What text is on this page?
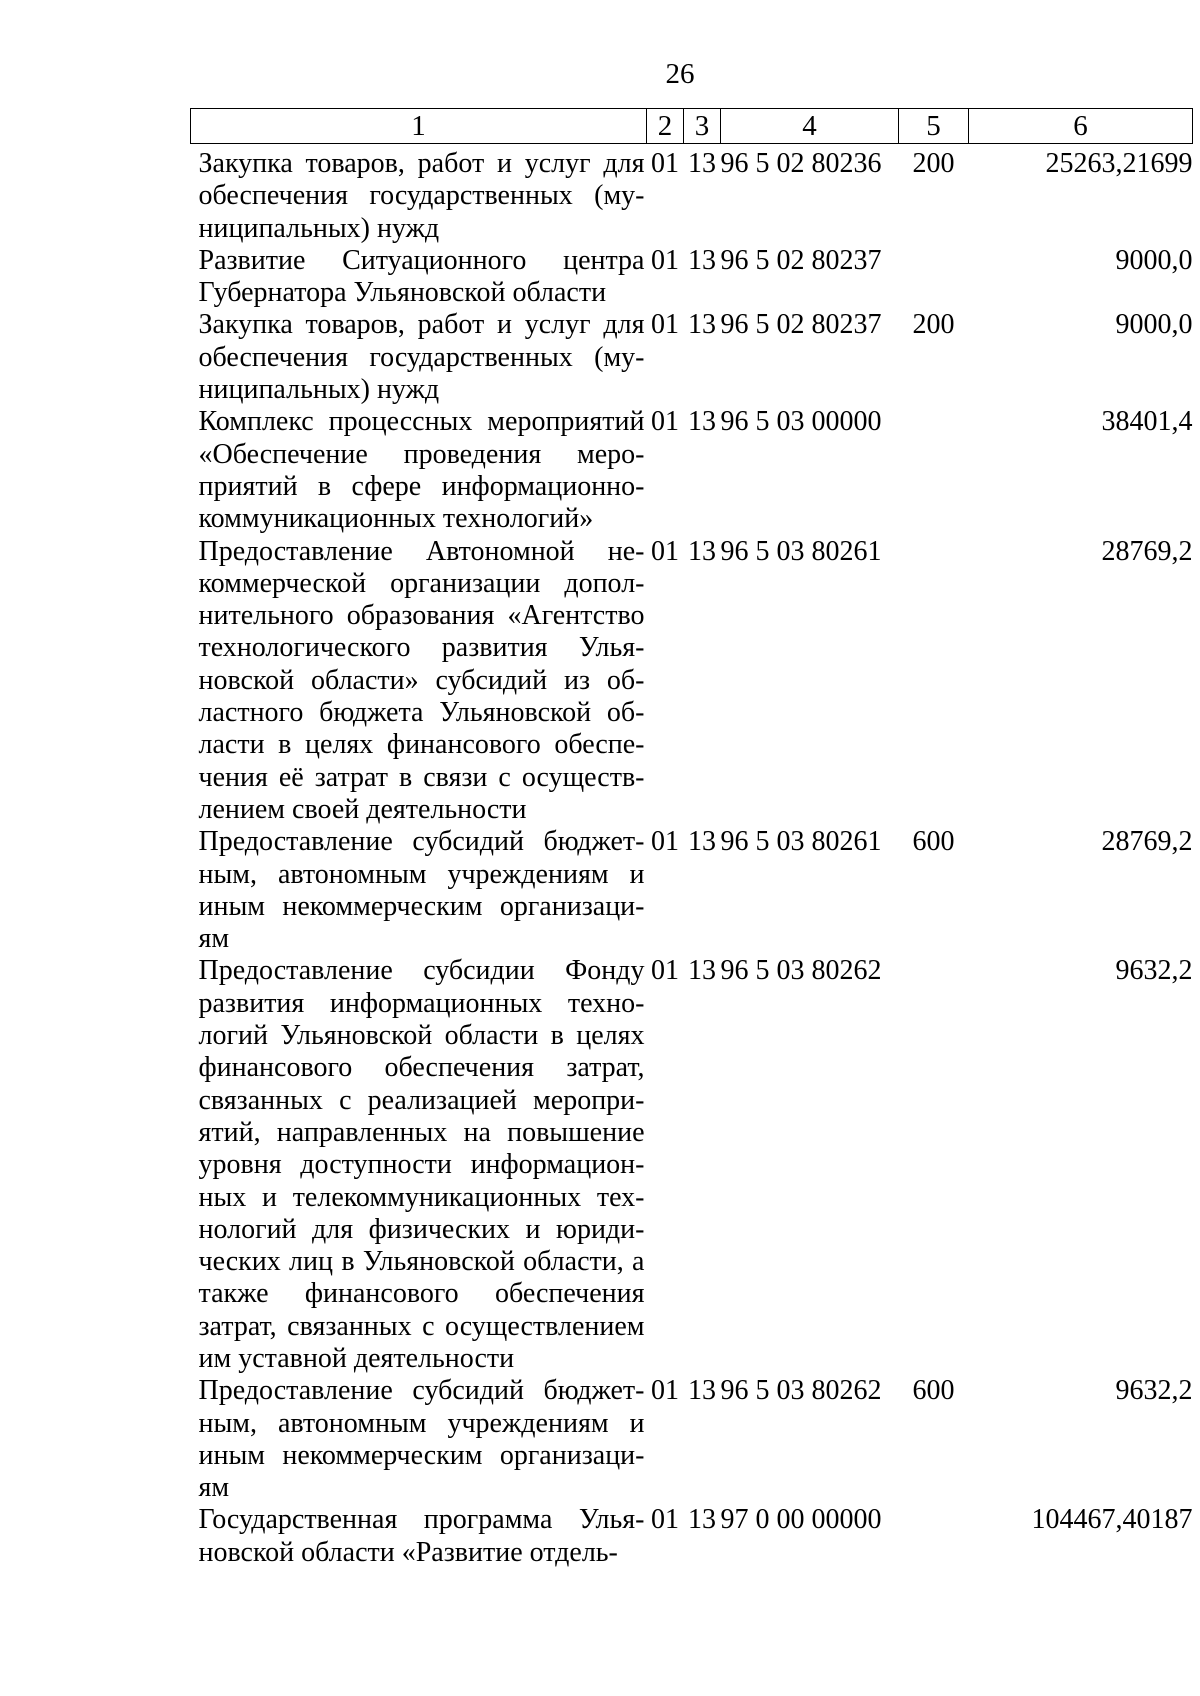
26
1	2	3	4	5	6
Закупка товаров, работ и услуг для обеспечения государственных (муниципальных) нужд	01	13	96 5 02 80236	200	25263,21699
Развитие Ситуационного центра Губернатора Ульяновской области	01	13	96 5 02 80237		9000,0
Закупка товаров, работ и услуг для обеспечения государственных (муниципальных) нужд	01	13	96 5 02 80237	200	9000,0
Комплекс процессных мероприятий «Обеспечение проведения мероприятий в сфере информационно-коммуникационных технологий»	01	13	96 5 03 00000		38401,4
Предоставление Автономной некоммерческой организации дополнительного образования «Агентство технологического развития Ульяновской области» субсидий из областного бюджета Ульяновской области в целях финансового обеспечения её затрат в связи с осуществлением своей деятельности	01	13	96 5 03 80261		28769,2
Предоставление субсидий бюджетным, автономным учреждениям и иным некоммерческим организациям	01	13	96 5 03 80261	600	28769,2
Предоставление субсидии Фонду развития информационных технологий Ульяновской области в целях финансового обеспечения затрат, связанных с реализацией мероприятий, направленных на повышение уровня доступности информационных и телекоммуникационных технологий для физических и юридических лиц в Ульяновской области, а также финансового обеспечения затрат, связанных с осуществлением им уставной деятельности	01	13	96 5 03 80262		9632,2
Предоставление субсидий бюджетным, автономным учреждениям и иным некоммерческим организациям	01	13	96 5 03 80262	600	9632,2
Государственная программа Ульяновской области «Развитие отдель-	01	13	97 0 00 00000		104467,40187
